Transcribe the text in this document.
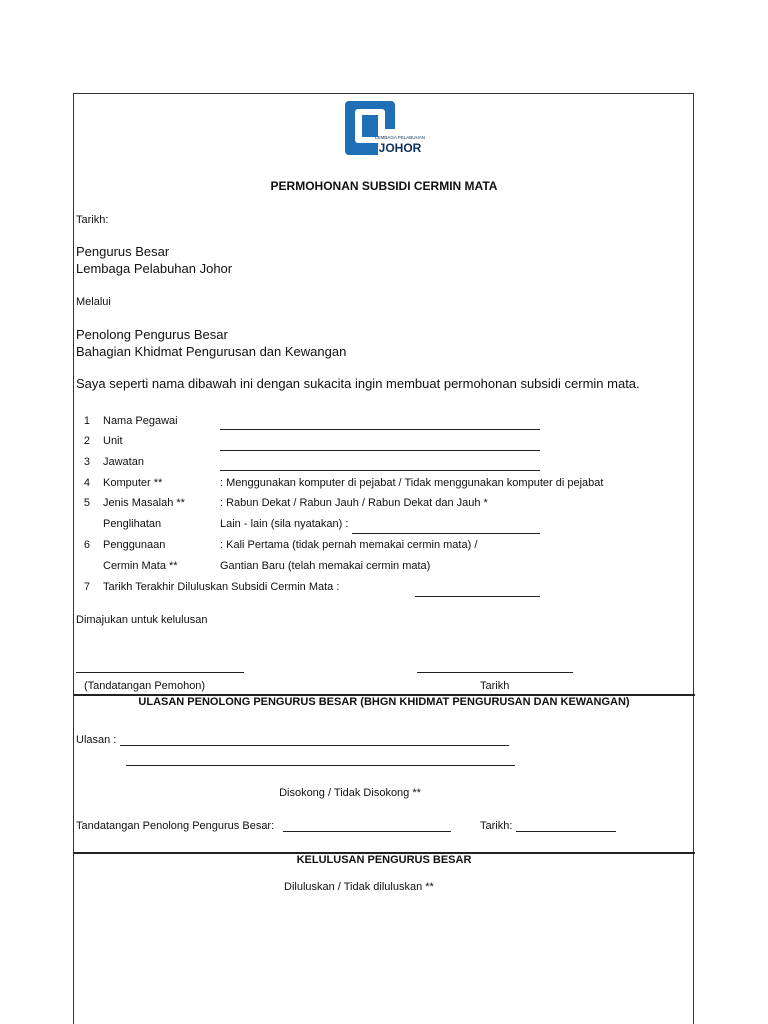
LEMBAGA PELABUHAN
JOHOR
PERMOHONAN SUBSIDI CERMIN MATA
Tarikh:
Pengurus Besar
Lembaga Pelabuhan Johor
Melalui
Penolong Pengurus Besar
Bahagian Khidmat Pengurusan dan Kewangan
Saya seperti nama dibawah ini dengan sukacita ingin membuat permohonan subsidi cermin mata.
1 Nama Pegawai
2 Unit
3 Jawatan
4 Komputer **	: Menggunakan komputer di pejabat / Tidak menggunakan komputer di pejabat
5 Jenis Masalah **	: Rabun Dekat / Rabun Jauh / Rabun Dekat dan Jauh *
Penglihatan	Lain - lain (sila nyatakan) :
6 Penggunaan	: Kali Pertama (tidak pernah memakai cermin mata) /
Cermin Mata **	Gantian Baru (telah memakai cermin mata)
7 Tarikh Terakhir Diluluskan Subsidi Cermin Mata :
Dimajukan untuk kelulusan
(Tandatangan Pemohon)	Tarikh
ULASAN PENOLONG PENGURUS BESAR (BHGN KHIDMAT PENGURUSAN DAN KEWANGAN)
Ulasan :
Disokong / Tidak Disokong **
Tandatangan Penolong Pengurus Besar:	Tarikh:
KELULUSAN PENGURUS BESAR
Diluluskan / Tidak diluluskan **
